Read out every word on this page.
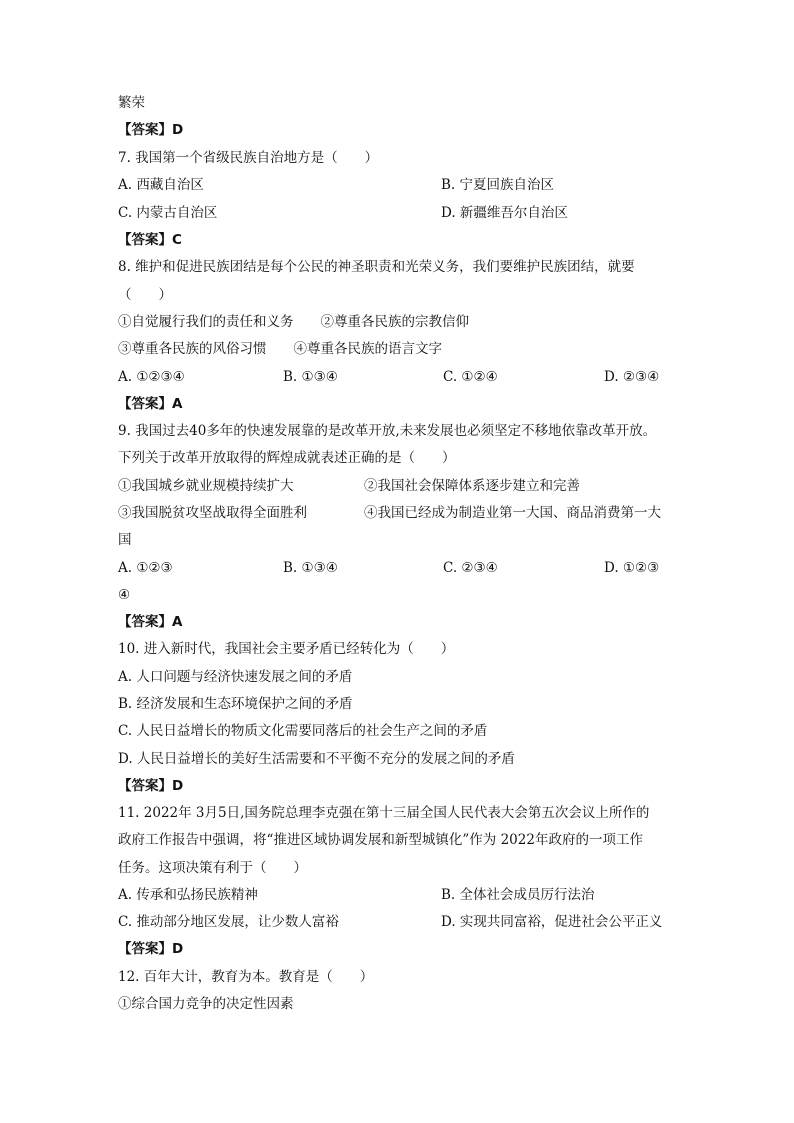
繁荣
【答案】D
7. 我国第一个省级民族自治地方是（　　）
A. 西藏自治区	B. 宁夏回族自治区
C. 内蒙古自治区	D. 新疆维吾尔自治区
【答案】C
8. 维护和促进民族团结是每个公民的神圣职责和光荣义务，我们要维护民族团结，就要
（　　）
①自觉履行我们的责任和义务　　②尊重各民族的宗教信仰
③尊重各民族的风俗习惯　　④尊重各民族的语言文字
A. ①②③④	B. ①③④	C. ①②④	D. ②③④
【答案】A
9. 我国过去40多年的快速发展靠的是改革开放,未来发展也必须坚定不移地依靠改革开放。
下列关于改革开放取得的辉煌成就表述正确的是（　　）
①我国城乡就业规模持续扩大	②我国社会保障体系逐步建立和完善
③我国脱贫攻坚战取得全面胜利	④我国已经成为制造业第一大国、商品消费第一大
国
A. ①②③	B. ①③④	C. ②③④	D. ①②③
④
【答案】A
10. 进入新时代，我国社会主要矛盾已经转化为（　　）
A. 人口问题与经济快速发展之间的矛盾
B. 经济发展和生态环境保护之间的矛盾
C. 人民日益增长的物质文化需要同落后的社会生产之间的矛盾
D. 人民日益增长的美好生活需要和不平衡不充分的发展之间的矛盾
【答案】D
11. 2022年 3月5日,国务院总理李克强在第十三届全国人民代表大会第五次会议上所作的
政府工作报告中强调，将“推进区域协调发展和新型城镇化”作为 2022年政府的一项工作
任务。这项决策有利于（　　）
A. 传承和弘扬民族精神	B. 全体社会成员厉行法治
C. 推动部分地区发展，让少数人富裕	D. 实现共同富裕，促进社会公平正义
【答案】D
12. 百年大计，教育为本。教育是（　　）
①综合国力竞争的决定性因素
